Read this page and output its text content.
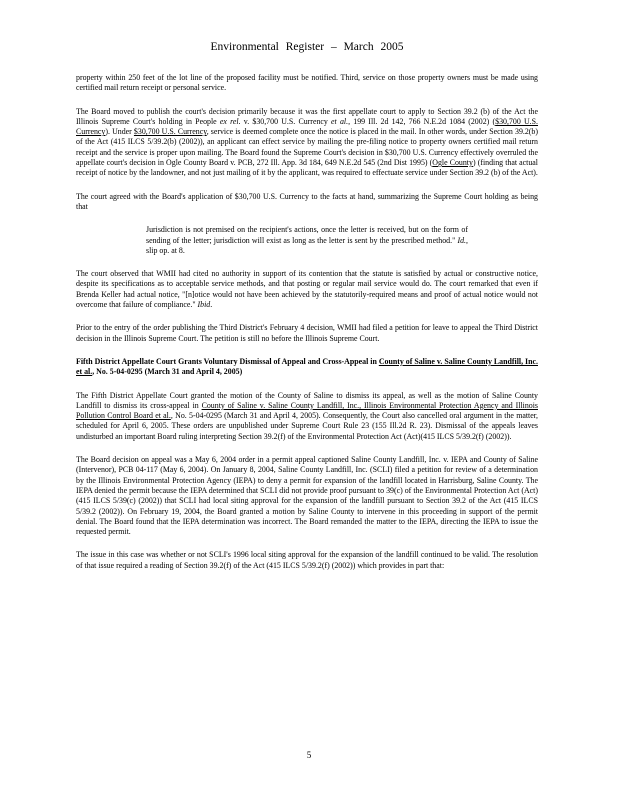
Environmental Register – March 2005

property within 250 feet of the lot line of the proposed facility must be notified. Third, service on those property owners must be made using certified mail return receipt or personal service.

The Board moved to publish the court's decision primarily because it was the first appellate court to apply to Section 39.2 (b) of the Act the Illinois Supreme Court's holding in People ex rel. v. $30,700 U.S. Currency et al., 199 Ill. 2d 142, 766 N.E.2d 1084 (2002) ($30,700 U.S. Currency). Under $30,700 U.S. Currency, service is deemed complete once the notice is placed in the mail. In other words, under Section 39.2(b) of the Act (415 ILCS 5/39.2(b) (2002)), an applicant can effect service by mailing the pre-filing notice to property owners certified mail return receipt and the service is proper upon mailing. The Board found the Supreme Court's decision in $30,700 U.S. Currency effectively overruled the appellate court's decision in Ogle County Board v. PCB, 272 Ill. App. 3d 184, 649 N.E.2d 545 (2nd Dist 1995) (Ogle County) (finding that actual receipt of notice by the landowner, and not just mailing of it by the applicant, was required to effectuate service under Section 39.2 (b) of the Act).

The court agreed with the Board's application of $30,700 U.S. Currency to the facts at hand, summarizing the Supreme Court holding as being that

Jurisdiction is not premised on the recipient's actions, once the letter is received, but on the form of sending of the letter; jurisdiction will exist as long as the letter is sent by the prescribed method." Id., slip op. at 8.

The court observed that WMII had cited no authority in support of its contention that the statute is satisfied by actual or constructive notice, despite its specifications as to acceptable service methods, and that posting or regular mail service would do. The court remarked that even if Brenda Keller had actual notice, "[n]otice would not have been achieved by the statutorily-required means and proof of actual notice would not overcome that failure of compliance." Ibid.

Prior to the entry of the order publishing the Third District's February 4 decision, WMII had filed a petition for leave to appeal the Third District decision in the Illinois Supreme Court. The petition is still no before the Illinois Supreme Court.

Fifth District Appellate Court Grants Voluntary Dismissal of Appeal and Cross-Appeal in County of Saline v. Saline County Landfill, Inc. et al., No. 5-04-0295 (March 31 and April 4, 2005)

The Fifth District Appellate Court granted the motion of the County of Saline to dismiss its appeal, as well as the motion of Saline County Landfill to dismiss its cross-appeal in County of Saline v. Saline County Landfill, Inc., Illinois Environmental Protection Agency and Illinois Pollution Control Board et al., No. 5-04-0295 (March 31 and April 4, 2005). Consequently, the Court also cancelled oral argument in the matter, scheduled for April 6, 2005. These orders are unpublished under Supreme Court Rule 23 (155 Ill.2d R. 23). Dismissal of the appeals leaves undisturbed an important Board ruling interpreting Section 39.2(f) of the Environmental Protection Act (Act)(415 ILCS 5/39.2(f) (2002)).

The Board decision on appeal was a May 6, 2004 order in a permit appeal captioned Saline County Landfill, Inc. v. IEPA and County of Saline (Intervenor), PCB 04-117 (May 6, 2004). On January 8, 2004, Saline County Landfill, Inc. (SCLI) filed a petition for review of a determination by the Illinois Environmental Protection Agency (IEPA) to deny a permit for expansion of the landfill located in Harrisburg, Saline County. The IEPA denied the permit because the IEPA determined that SCLI did not provide proof pursuant to 39(c) of the Environmental Protection Act (Act) (415 ILCS 5/39(c) (2002)) that SCLI had local siting approval for the expansion of the landfill pursuant to Section 39.2 of the Act (415 ILCS 5/39.2 (2002)). On February 19, 2004, the Board granted a motion by Saline County to intervene in this proceeding in support of the permit denial. The Board found that the IEPA determination was incorrect. The Board remanded the matter to the IEPA, directing the IEPA to issue the requested permit.

The issue in this case was whether or not SCLI's 1996 local siting approval for the expansion of the landfill continued to be valid. The resolution of that issue required a reading of Section 39.2(f) of the Act (415 ILCS 5/39.2(f) (2002)) which provides in part that:

5
